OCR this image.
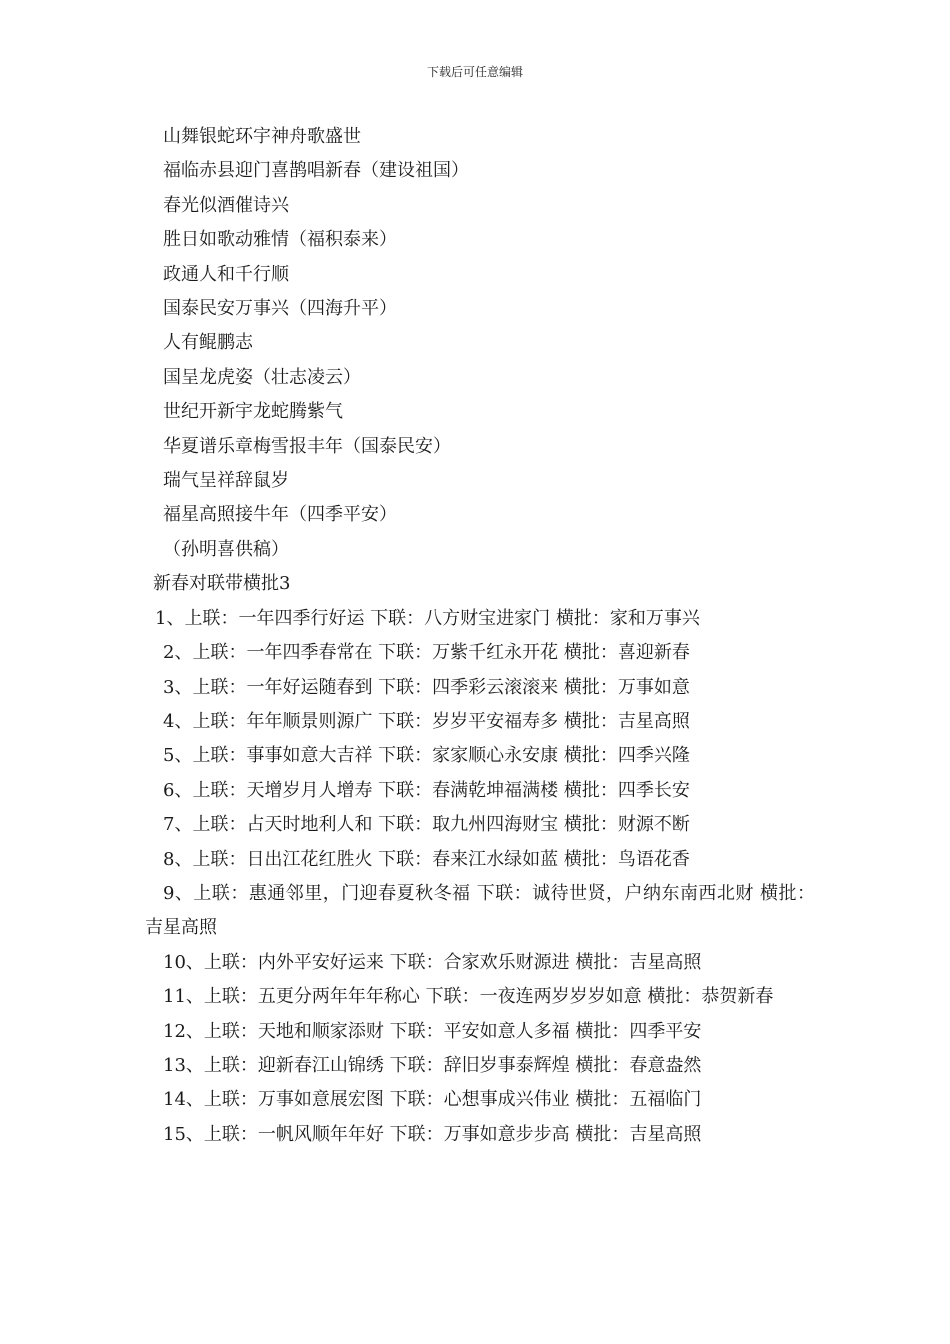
下载后可任意编辑

山舞银蛇环宇神舟歌盛世

福临赤县迎门喜鹊唱新春（建设祖国）

春光似酒催诗兴

胜日如歌动雅情（福积泰来）

政通人和千行顺

国泰民安万事兴（四海升平）

人有鲲鹏志

国呈龙虎姿（壮志凌云）

世纪开新宇龙蛇腾紫气

华夏谱乐章梅雪报丰年（国泰民安）

瑞气呈祥辞鼠岁

福星高照接牛年（四季平安）

（孙明喜供稿）

新春对联带横批3

1、上联：一年四季行好运 下联：八方财宝进家门 横批：家和万事兴

2、上联：一年四季春常在 下联：万紫千红永开花 横批：喜迎新春

3、上联：一年好运随春到 下联：四季彩云滚滚来 横批：万事如意

4、上联：年年顺景则源广 下联：岁岁平安福寿多 横批：吉星高照

5、上联：事事如意大吉祥 下联：家家顺心永安康 横批：四季兴隆

6、上联：天增岁月人增寿 下联：春满乾坤福满楼 横批：四季长安

7、上联：占天时地利人和 下联：取九州四海财宝 横批：财源不断

8、上联：日出江花红胜火 下联：春来江水绿如蓝 横批：鸟语花香

9、上联：惠通邻里，门迎春夏秋冬福 下联：诚待世贤，户纳东南西北财 横批：吉星高照

10、上联：内外平安好运来 下联：合家欢乐财源进 横批：吉星高照

11、上联：五更分两年年年称心 下联：一夜连两岁岁岁如意 横批：恭贺新春

12、上联：天地和顺家添财 下联：平安如意人多福 横批：四季平安

13、上联：迎新春江山锦绣 下联：辞旧岁事泰辉煌 横批：春意盎然

14、上联：万事如意展宏图 下联：心想事成兴伟业 横批：五福临门

15、上联：一帆风顺年年好 下联：万事如意步步高 横批：吉星高照
